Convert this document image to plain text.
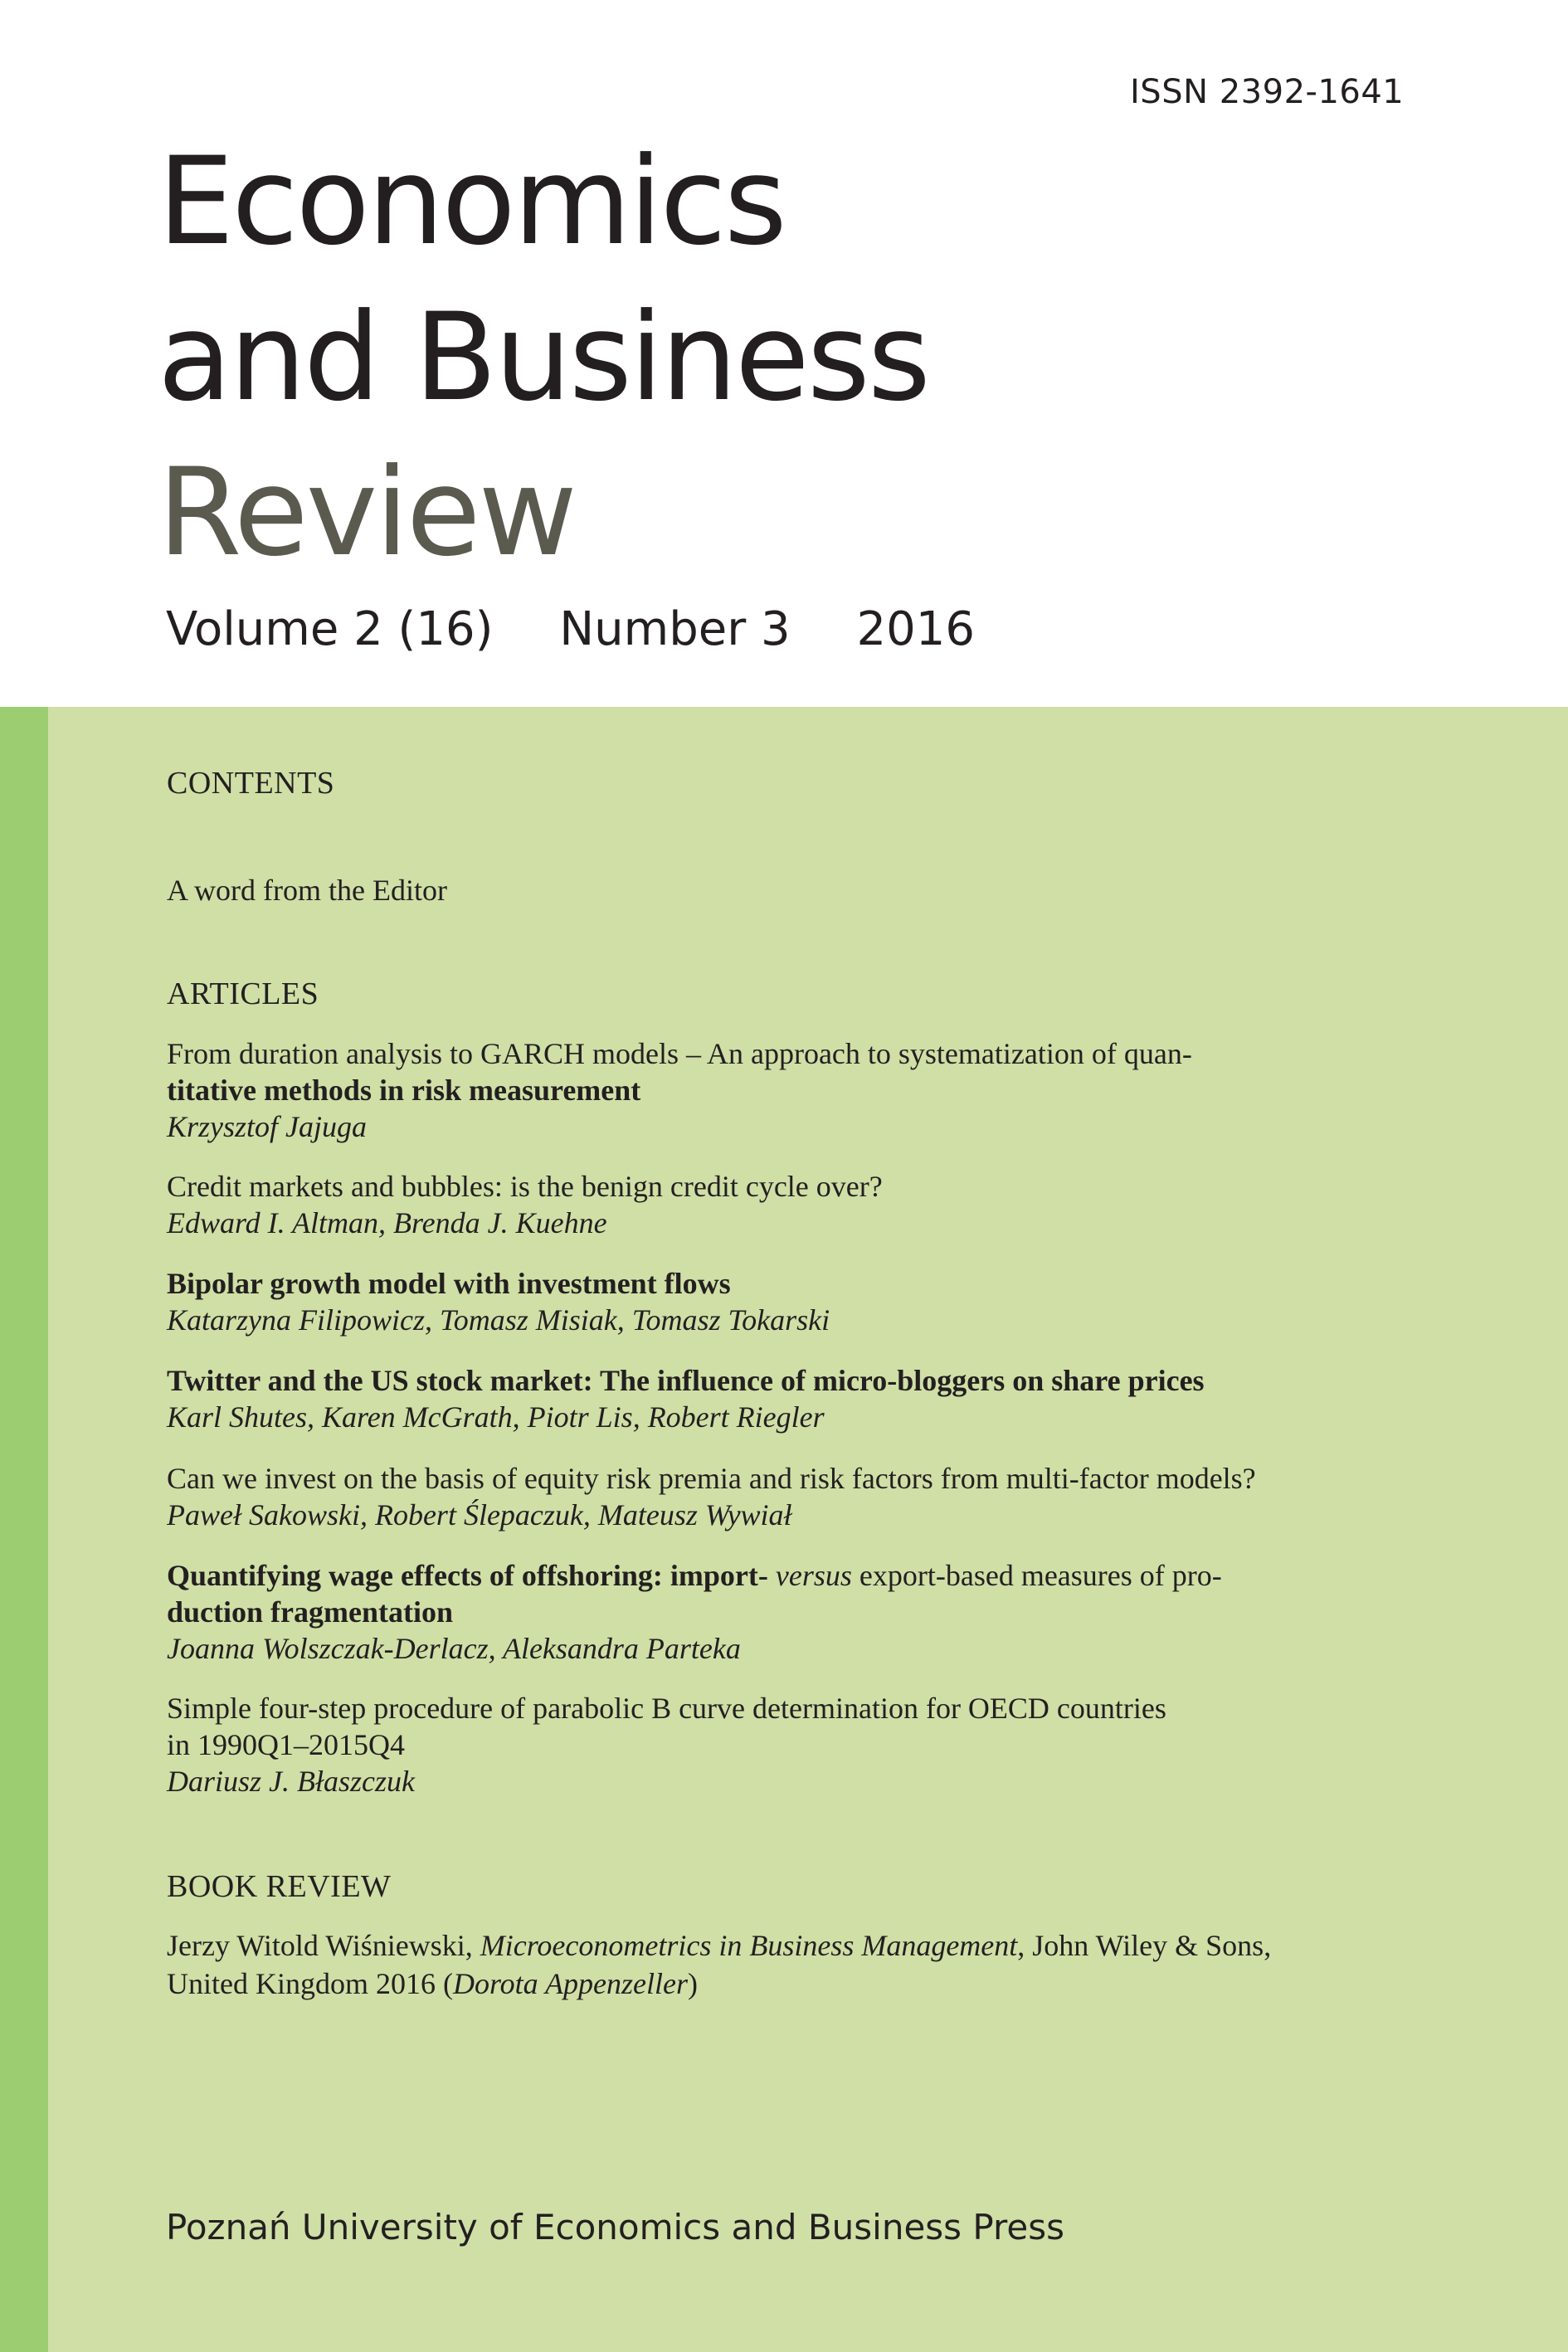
ISSN 2392-1641
Economics
and Business
Review
Volume 2 (16) Number 3 2016
CONTENTS
A word from the Editor
ARTICLES
From duration analysis to GARCH models – An approach to systematization of quan-
titative methods in risk measurement
Krzysztof Jajuga
Credit markets and bubbles: is the benign credit cycle over?
Edward I. Altman, Brenda J. Kuehne
Bipolar growth model with investment flows
Katarzyna Filipowicz, Tomasz Misiak, Tomasz Tokarski
Twitter and the US stock market: The influence of micro-bloggers on share prices
Karl Shutes, Karen McGrath, Piotr Lis, Robert Riegler
Can we invest on the basis of equity risk premia and risk factors from multi-factor models?
Paweł Sakowski, Robert Ślepaczuk, Mateusz Wywiał
Quantifying wage effects of offshoring: import- versus export-based measures of pro-
duction fragmentation
Joanna Wolszczak-Derlacz, Aleksandra Parteka
Simple four-step procedure of parabolic B curve determination for OECD countries
in 1990Q1–2015Q4
Dariusz J. Błaszczuk
BOOK REVIEW
Jerzy Witold Wiśniewski, Microeconometrics in Business Management, John Wiley & Sons,
United Kingdom 2016 (Dorota Appenzeller)
Poznań University of Economics and Business Press
